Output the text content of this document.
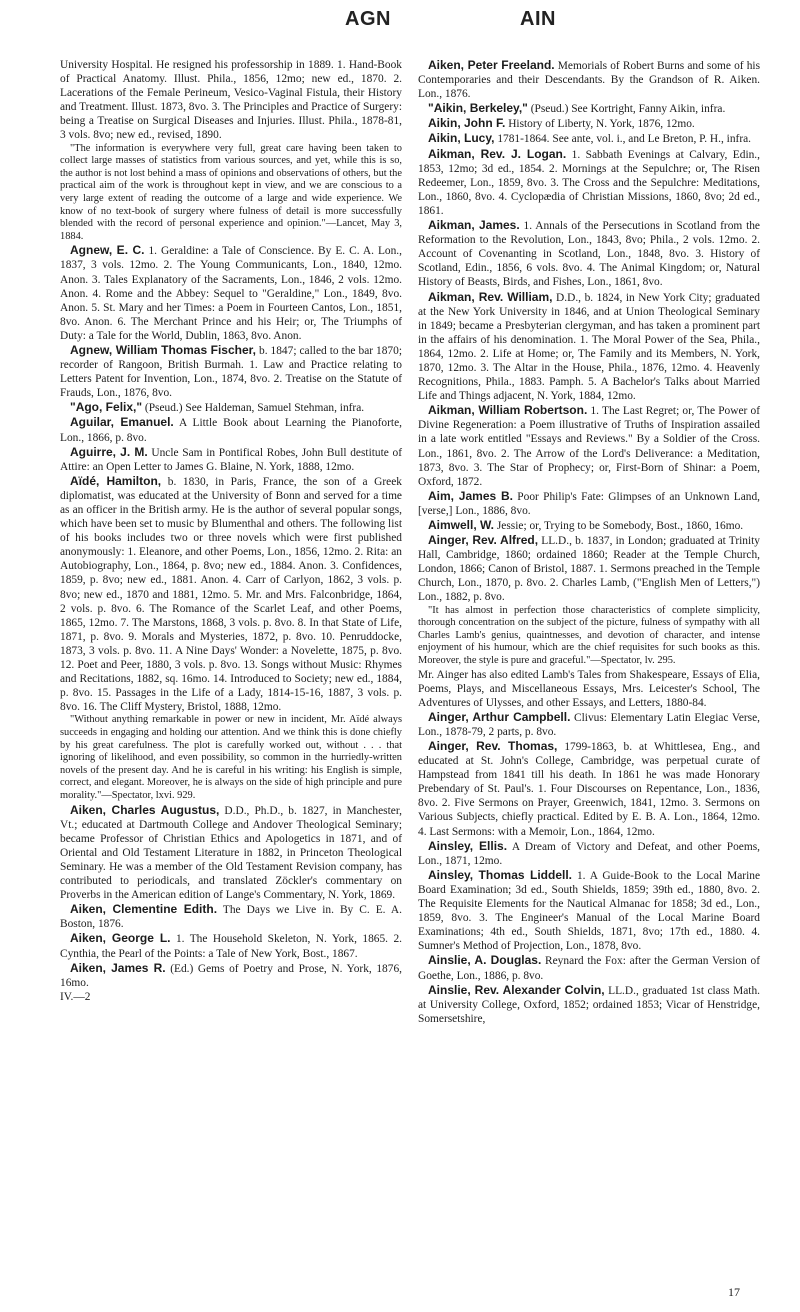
AGN	AIN

University Hospital. He resigned his professorship in 1889. 1. Hand-Book of Practical Anatomy. Illust. Phila., 1856, 12mo; new ed., 1870. 2. Lacerations of the Female Perineum, Vesico-Vaginal Fistula, their History and Treatment. Illust. 1873, 8vo. 3. The Principles and Practice of Surgery: being a Treatise on Surgical Diseases and Injuries. Illust. Phila., 1878-81, 3 vols. 8vo; new ed., revised, 1890.

"The information is everywhere very full, great care having been taken to collect large masses of statistics from various sources, and yet, while this is so, the author is not lost behind a mass of opinions and observations of others, but the practical aim of the work is throughout kept in view, and we are conscious to a very large extent of reading the outcome of a large and wide experience. We know of no text-book of surgery where fulness of detail is more successfully blended with the record of personal experience and opinion."—Lancet, May 3, 1884.

Agnew, E. C. 1. Geraldine: a Tale of Conscience. By E. C. A. Lon., 1837, 3 vols. 12mo. 2. The Young Communicants, Lon., 1840, 12mo. Anon. 3. Tales Explanatory of the Sacraments, Lon., 1846, 2 vols. 12mo. Anon. 4. Rome and the Abbey: Sequel to "Geraldine," Lon., 1849, 8vo. Anon. 5. St. Mary and her Times: a Poem in Fourteen Cantos, Lon., 1851, 8vo. Anon. 6. The Merchant Prince and his Heir; or, The Triumphs of Duty: a Tale for the World, Dublin, 1863, 8vo. Anon.

Agnew, William Thomas Fischer, b. 1847; called to the bar 1870; recorder of Rangoon, British Burmah. 1. Law and Practice relating to Letters Patent for Invention, Lon., 1874, 8vo. 2. Treatise on the Statute of Frauds, Lon., 1876, 8vo.

"Ago, Felix," (Pseud.) See Haldeman, Samuel Stehman, infra.

Aguilar, Emanuel. A Little Book about Learning the Pianoforte, Lon., 1866, p. 8vo.

Aguirre, J. M. Uncle Sam in Pontifical Robes, John Bull destitute of Attire: an Open Letter to James G. Blaine, N. York, 1888, 12mo.

Aïdé, Hamilton, b. 1830, in Paris, France, the son of a Greek diplomatist, was educated at the University of Bonn and served for a time as an officer in the British army. He is the author of several popular songs, which have been set to music by Blumenthal and others. The following list of his books includes two or three novels which were first published anonymously: 1. Eleanore, and other Poems, Lon., 1856, 12mo. 2. Rita: an Autobiography, Lon., 1864, p. 8vo; new ed., 1884. Anon. 3. Confidences, 1859, p. 8vo; new ed., 1881. Anon. 4. Carr of Carlyon, 1862, 3 vols. p. 8vo; new ed., 1870 and 1881, 12mo. 5. Mr. and Mrs. Falconbridge, 1864, 2 vols. p. 8vo. 6. The Romance of the Scarlet Leaf, and other Poems, 1865, 12mo. 7. The Marstons, 1868, 3 vols. p. 8vo. 8. In that State of Life, 1871, p. 8vo. 9. Morals and Mysteries, 1872, p. 8vo. 10. Penruddocke, 1873, 3 vols. p. 8vo. 11. A Nine Days' Wonder: a Novelette, 1875, p. 8vo. 12. Poet and Peer, 1880, 3 vols. p. 8vo. 13. Songs without Music: Rhymes and Recitations, 1882, sq. 16mo. 14. Introduced to Society; new ed., 1884, p. 8vo. 15. Passages in the Life of a Lady, 1814-15-16, 1887, 3 vols. p. 8vo. 16. The Cliff Mystery, Bristol, 1888, 12mo.

"Without anything remarkable in power or new in incident, Mr. Aïdé always succeeds in engaging and holding our attention. And we think this is done chiefly by his great carefulness. The plot is carefully worked out, without . . . that ignoring of likelihood, and even possibility, so common in the hurriedly-written novels of the present day. And he is careful in his writing: his English is simple, correct, and elegant. Moreover, he is always on the side of high principle and pure morality."—Spectator, lxvi. 929.

Aiken, Charles Augustus, D.D., Ph.D., b. 1827, in Manchester, Vt.; educated at Dartmouth College and Andover Theological Seminary; became Professor of Christian Ethics and Apologetics in 1871, and of Oriental and Old Testament Literature in 1882, in Princeton Theological Seminary. He was a member of the Old Testament Revision company, has contributed to periodicals, and translated Zöckler's commentary on Proverbs in the American edition of Lange's Commentary, N. York, 1869.

Aiken, Clementine Edith. The Days we Live in. By C. E. A. Boston, 1876.

Aiken, George L. 1. The Household Skeleton, N. York, 1865. 2. Cynthia, the Pearl of the Points: a Tale of New York, Bost., 1867.

Aiken, James R. (Ed.) Gems of Poetry and Prose, N. York, 1876, 16mo.

IV.—2

Aiken, Peter Freeland. Memorials of Robert Burns and some of his Contemporaries and their Descendants. By the Grandson of R. Aiken. Lon., 1876.

"Aikin, Berkeley," (Pseud.) See Kortright, Fanny Aikin, infra.

Aikin, John F. History of Liberty, N. York, 1876, 12mo.

Aikin, Lucy, 1781-1864. See ante, vol. i., and Le Breton, P. H., infra.

Aikman, Rev. J. Logan. 1. Sabbath Evenings at Calvary, Edin., 1853, 12mo; 3d ed., 1854. 2. Mornings at the Sepulchre; or, The Risen Redeemer, Lon., 1859, 8vo. 3. The Cross and the Sepulchre: Meditations, Lon., 1860, 8vo. 4. Cyclopædia of Christian Missions, 1860, 8vo; 2d ed., 1861.

Aikman, James. 1. Annals of the Persecutions in Scotland from the Reformation to the Revolution, Lon., 1843, 8vo; Phila., 2 vols. 12mo. 2. Account of Covenanting in Scotland, Lon., 1848, 8vo. 3. History of Scotland, Edin., 1856, 6 vols. 8vo. 4. The Animal Kingdom; or, Natural History of Beasts, Birds, and Fishes, Lon., 1861, 8vo.

Aikman, Rev. William, D.D., b. 1824, in New York City; graduated at the New York University in 1846, and at Union Theological Seminary in 1849; became a Presbyterian clergyman, and has taken a prominent part in the affairs of his denomination. 1. The Moral Power of the Sea, Phila., 1864, 12mo. 2. Life at Home; or, The Family and its Members, N. York, 1870, 12mo. 3. The Altar in the House, Phila., 1876, 12mo. 4. Heavenly Recognitions, Phila., 1883. Pamph. 5. A Bachelor's Talks about Married Life and Things adjacent, N. York, 1884, 12mo.

Aikman, William Robertson. 1. The Last Regret; or, The Power of Divine Regeneration: a Poem illustrative of Truths of Inspiration assailed in a late work entitled "Essays and Reviews." By a Soldier of the Cross. Lon., 1861, 8vo. 2. The Arrow of the Lord's Deliverance: a Meditation, 1873, 8vo. 3. The Star of Prophecy; or, First-Born of Shinar: a Poem, Oxford, 1872.

Aim, James B. Poor Philip's Fate: Glimpses of an Unknown Land, [verse,] Lon., 1886, 8vo.

Aimwell, W. Jessie; or, Trying to be Somebody, Bost., 1860, 16mo.

Ainger, Rev. Alfred, LL.D., b. 1837, in London; graduated at Trinity Hall, Cambridge, 1860; ordained 1860; Reader at the Temple Church, London, 1866; Canon of Bristol, 1887. 1. Sermons preached in the Temple Church, Lon., 1870, p. 8vo. 2. Charles Lamb, ("English Men of Letters,") Lon., 1882, p. 8vo.

"It has almost in perfection those characteristics of complete simplicity, thorough concentration on the subject of the picture, fulness of sympathy with all Charles Lamb's genius, quaintnesses, and devotion of character, and intense enjoyment of his humour, which are the chief requisites for such books as this. Moreover, the style is pure and graceful."—Spectator, lv. 295.

Mr. Ainger has also edited Lamb's Tales from Shakespeare, Essays of Elia, Poems, Plays, and Miscellaneous Essays, Mrs. Leicester's School, The Adventures of Ulysses, and other Essays, and Letters, 1880-84.

Ainger, Arthur Campbell. Clivus: Elementary Latin Elegiac Verse, Lon., 1878-79, 2 parts, p. 8vo.

Ainger, Rev. Thomas, 1799-1863, b. at Whittlesea, Eng., and educated at St. John's College, Cambridge, was perpetual curate of Hampstead from 1841 till his death. In 1861 he was made Honorary Prebendary of St. Paul's. 1. Four Discourses on Repentance, Lon., 1836, 8vo. 2. Five Sermons on Prayer, Greenwich, 1841, 12mo. 3. Sermons on Various Subjects, chiefly practical. Edited by E. B. A. Lon., 1864, 12mo. 4. Last Sermons: with a Memoir, Lon., 1864, 12mo.

Ainsley, Ellis. A Dream of Victory and Defeat, and other Poems, Lon., 1871, 12mo.

Ainsley, Thomas Liddell. 1. A Guide-Book to the Local Marine Board Examination; 3d ed., South Shields, 1859; 39th ed., 1880, 8vo. 2. The Requisite Elements for the Nautical Almanac for 1858; 3d ed., Lon., 1859, 8vo. 3. The Engineer's Manual of the Local Marine Board Examinations; 4th ed., South Shields, 1871, 8vo; 17th ed., 1880. 4. Sumner's Method of Projection, Lon., 1878, 8vo.

Ainslie, A. Douglas. Reynard the Fox: after the German Version of Goethe, Lon., 1886, p. 8vo.

Ainslie, Rev. Alexander Colvin, LL.D., graduated 1st class Math. at University College, Oxford, 1852; ordained 1853; Vicar of Henstridge, Somersetshire,

17
